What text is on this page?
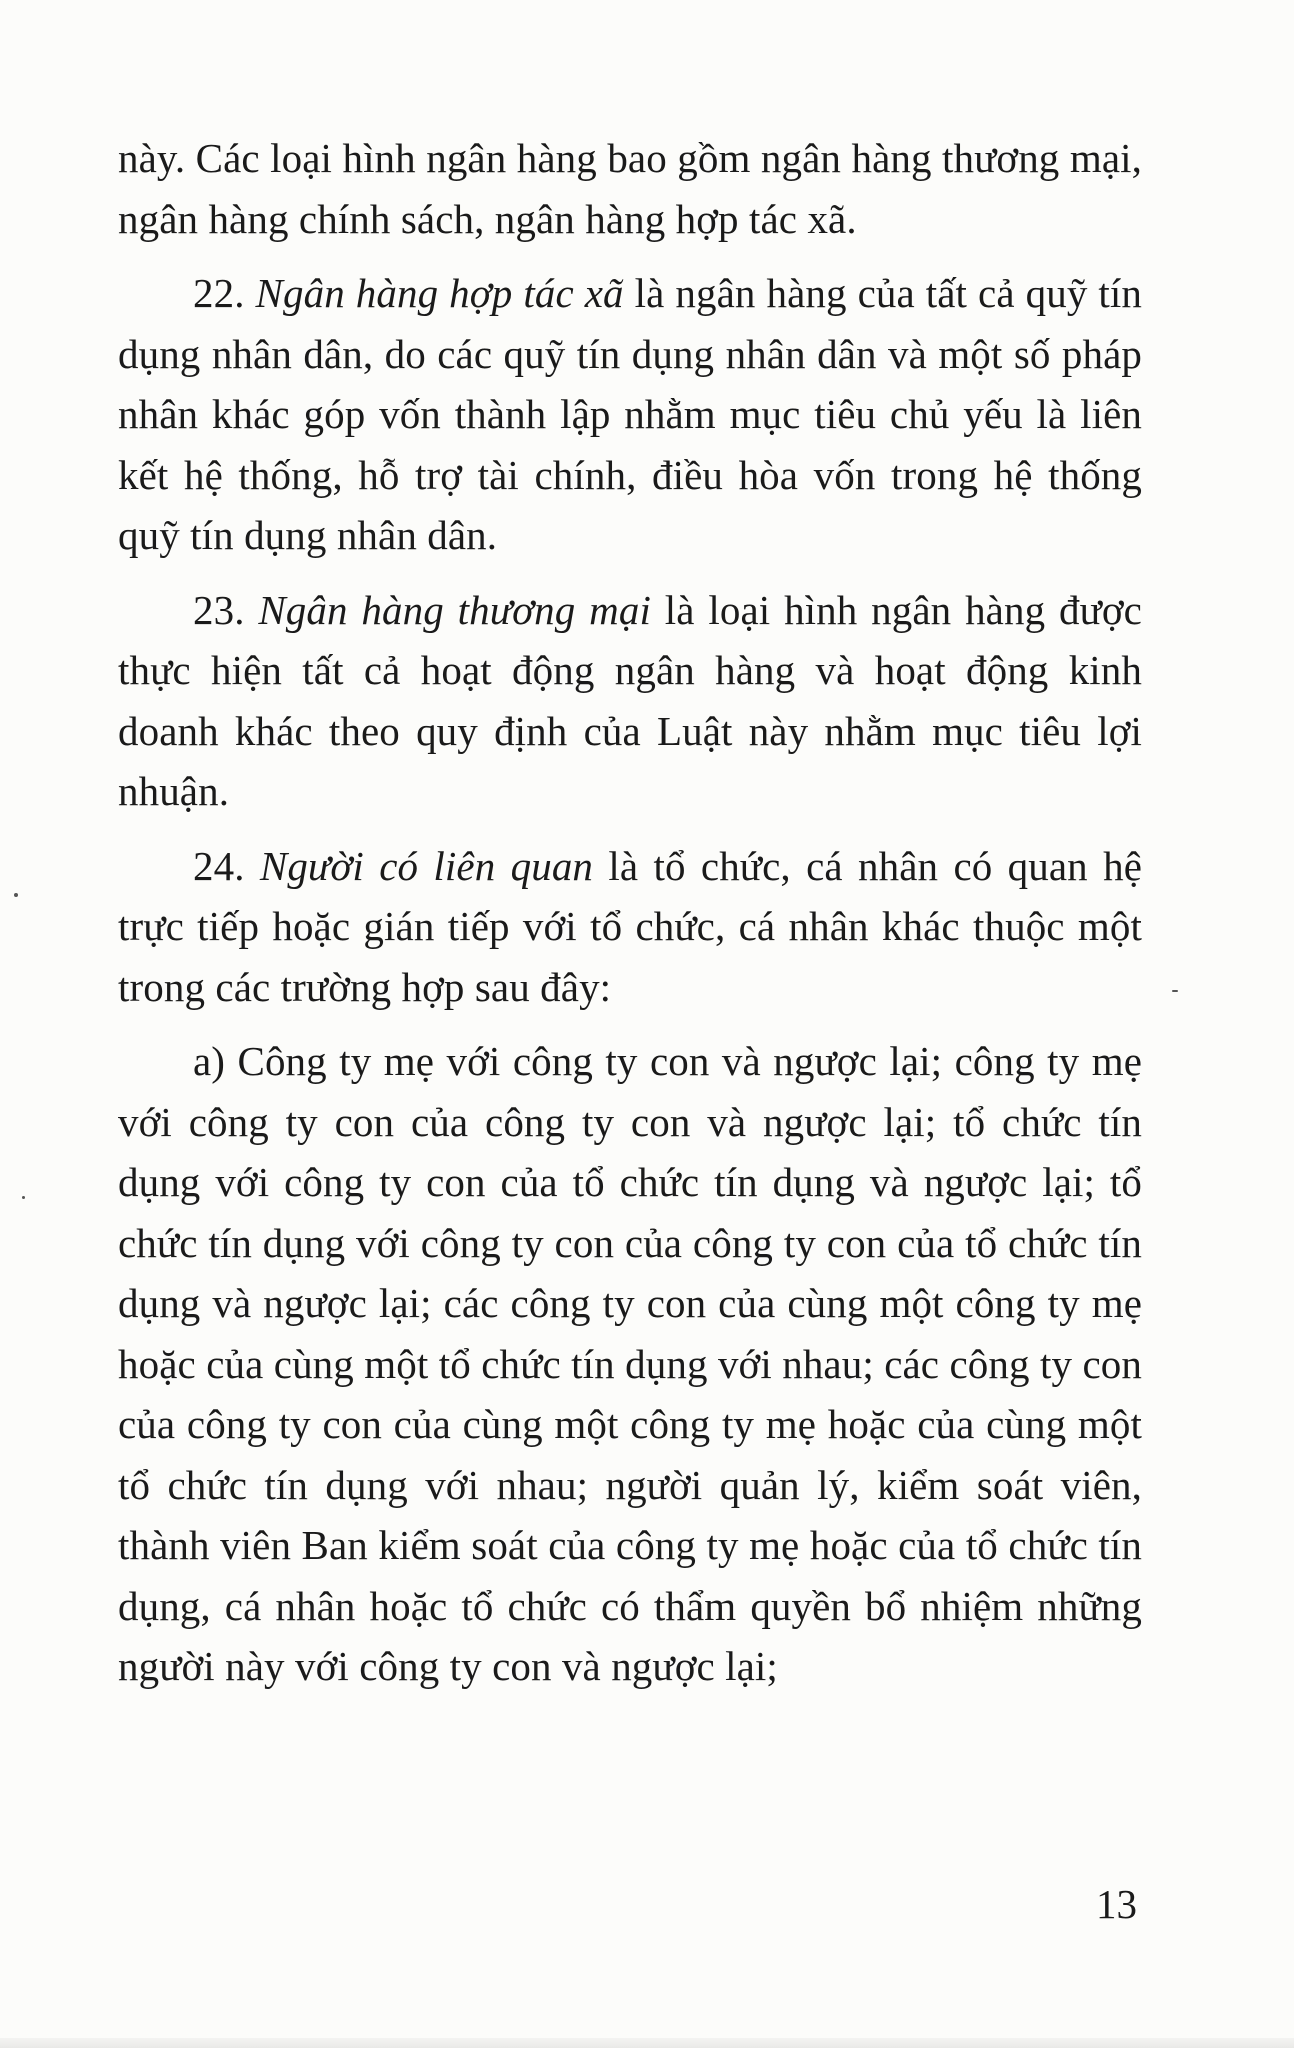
này. Các loại hình ngân hàng bao gồm ngân hàng thương mại, ngân hàng chính sách, ngân hàng hợp tác xã.

22. Ngân hàng hợp tác xã là ngân hàng của tất cả quỹ tín dụng nhân dân, do các quỹ tín dụng nhân dân và một số pháp nhân khác góp vốn thành lập nhằm mục tiêu chủ yếu là liên kết hệ thống, hỗ trợ tài chính, điều hòa vốn trong hệ thống quỹ tín dụng nhân dân.

23. Ngân hàng thương mại là loại hình ngân hàng được thực hiện tất cả hoạt động ngân hàng và hoạt động kinh doanh khác theo quy định của Luật này nhằm mục tiêu lợi nhuận.

24. Người có liên quan là tổ chức, cá nhân có quan hệ trực tiếp hoặc gián tiếp với tổ chức, cá nhân khác thuộc một trong các trường hợp sau đây:

a) Công ty mẹ với công ty con và ngược lại; công ty mẹ với công ty con của công ty con và ngược lại; tổ chức tín dụng với công ty con của tổ chức tín dụng và ngược lại; tổ chức tín dụng với công ty con của công ty con của tổ chức tín dụng và ngược lại; các công ty con của cùng một công ty mẹ hoặc của cùng một tổ chức tín dụng với nhau; các công ty con của công ty con của cùng một công ty mẹ hoặc của cùng một tổ chức tín dụng với nhau; người quản lý, kiểm soát viên, thành viên Ban kiểm soát của công ty mẹ hoặc của tổ chức tín dụng, cá nhân hoặc tổ chức có thẩm quyền bổ nhiệm những người này với công ty con và ngược lại;

13
